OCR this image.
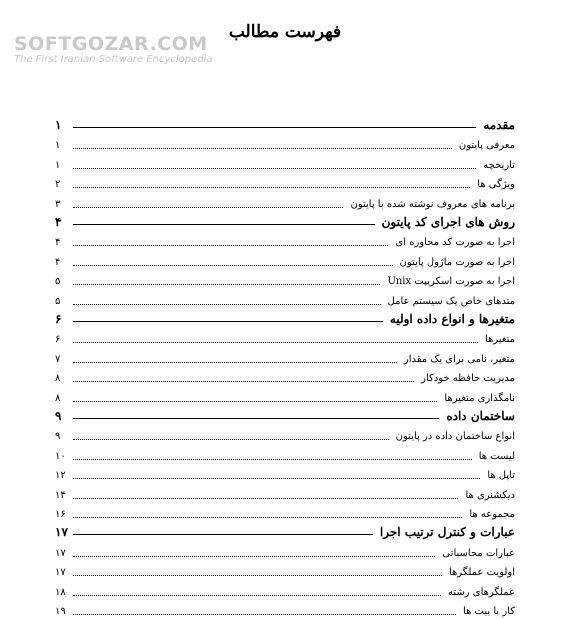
SOFTGOZAR.COM
The First Iranian Software Encyclopedia
فهرست مطالب
مقدمه
۱
معرفی پایتون
۱
تاریخچه
۱
ویژگی ها
۲
برنامه های معروف نوشته شده با پایتون
۳
روش های اجرای کد پایتون
۴
اجرا به صورت کد محاوره ای
۴
اجرا به صورت ماژول پایتون
۴
اجرا به صورت اسکریپت Unix
۵
متدهای خاص یک سیستم عامل
۵
متغیرها و انواع داده اولیه
۶
متغیرها
۶
متغیر، نامی برای یک مقدار
۷
مدیریت حافظه خودکار
۸
نامگذاری متغیرها
۸
ساختمان داده
۹
انواع ساختمان داده در پایتون
۹
لیست ها
۱۰
تاپل ها
۱۲
دیکشنری ها
۱۴
مجموعه ها
۱۶
عبارات و کنترل ترتیب اجرا
۱۷
عبارات محاسباتی
۱۷
اولویت عملگرها
۱۷
عملگرهای رشته
۱۸
کار با بیت ها
۱۹
